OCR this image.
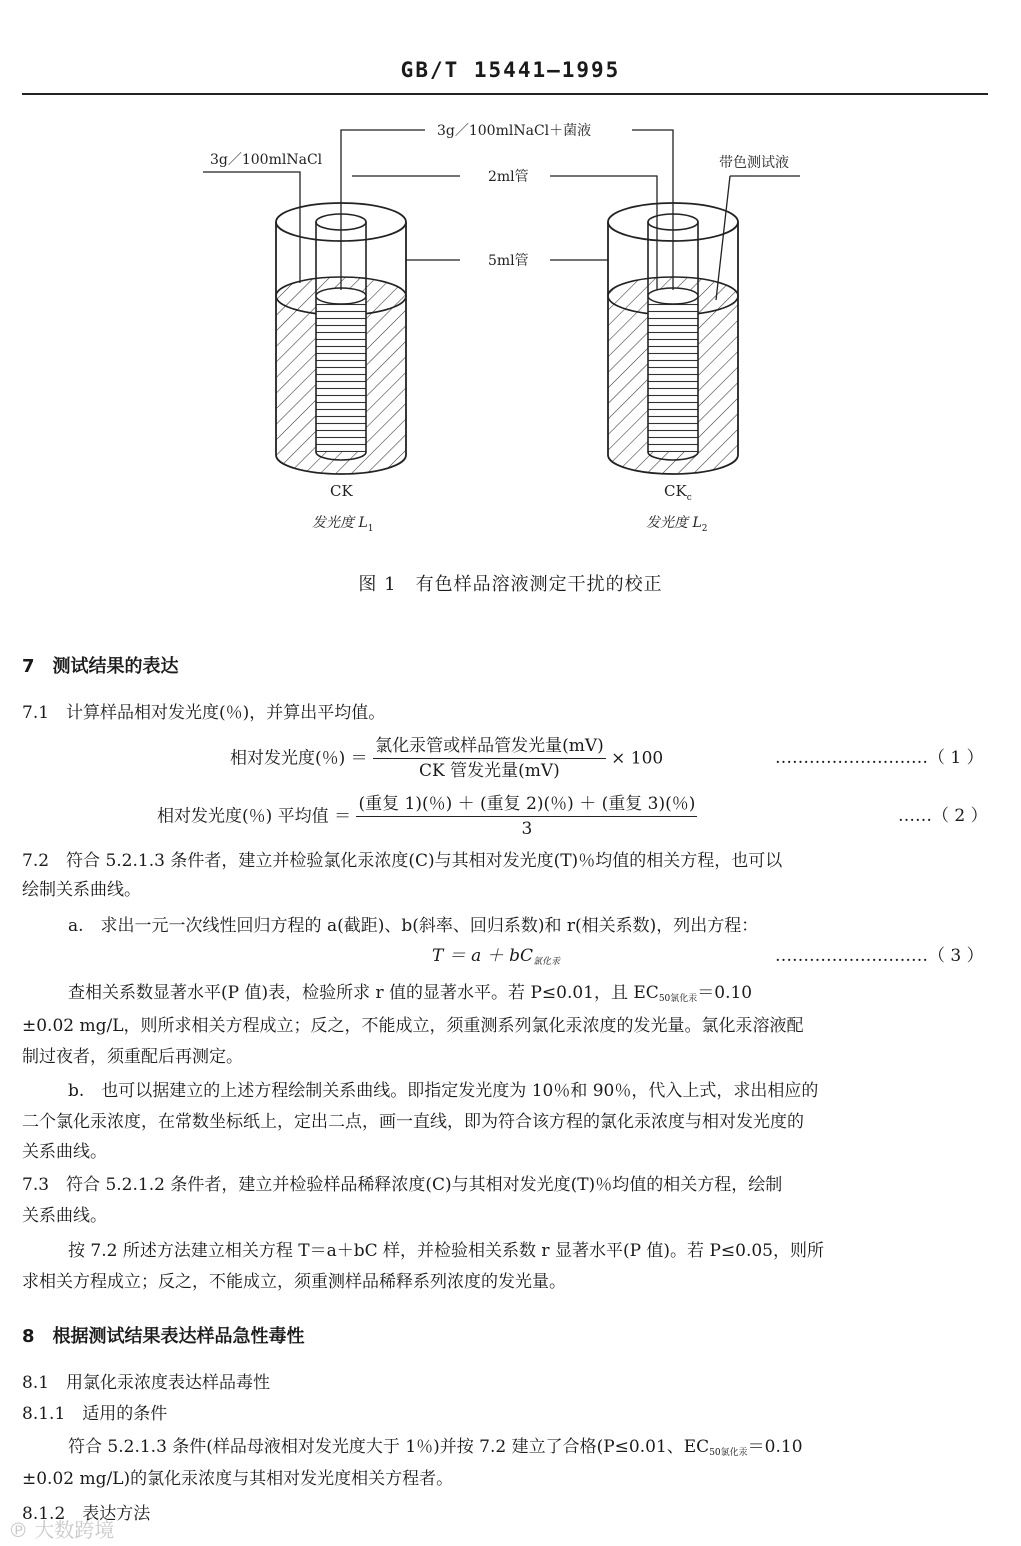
GB/T 15441—1995
3g／100mlNaCl
3g／100mlNaCl＋菌液
2ml管
带色测试液
5ml管
CK	$CK_c$
发光度 $L_1$	发光度 $L_2$
图 1　有色样品溶液测定干扰的校正
7　测试结果的表达
7.1　计算样品相对发光度(％)，并算出平均值。
相对发光度(％) ＝ $\frac{\text{氯化汞管或样品管发光量(mV)}}{\text{CK 管发光量(mV)}} \times 100$	………………………（ 1 ）
相对发光度(％) 平均值 ＝ $\frac{\text{(重复 1)(％) ＋ (重复 2)(％) ＋ (重复 3)(％)}}{3}$	……（ 2 ）
7.2　符合 5.2.1.3 条件者，建立并检验氯化汞浓度(C)与其相对发光度(T)％均值的相关方程，也可以
绘制关系曲线。
a.　求出一元一次线性回归方程的 a(截距)、b(斜率、回归系数)和 r(相关系数)，列出方程：
$T = a + bC_{氯化汞}$	………………………（ 3 ）
查相关系数显著水平(P 值)表，检验所求 r 值的显著水平。若 P≤0.01，且 $EC_{50氯化汞}=0.10$
±0.02 mg/L，则所求相关方程成立；反之，不能成立，须重测系列氯化汞浓度的发光量。氯化汞溶液配
制过夜者，须重配后再测定。
b.　也可以据建立的上述方程绘制关系曲线。即指定发光度为 10％和 90％，代入上式，求出相应的
二个氯化汞浓度，在常数坐标纸上，定出二点，画一直线，即为符合该方程的氯化汞浓度与相对发光度的
关系曲线。
7.3　符合 5.2.1.2 条件者，建立并检验样品稀释浓度(C)与其相对发光度(T)％均值的相关方程，绘制
关系曲线。
按 7.2 所述方法建立相关方程 T＝a＋bC 样，并检验相关系数 r 显著水平(P 值)。若 P≤0.05，则所
求相关方程成立；反之，不能成立，须重测样品稀释系列浓度的发光量。
8　根据测试结果表达样品急性毒性
8.1　用氯化汞浓度表达样品毒性
8.1.1　适用的条件
符合 5.2.1.3 条件(样品母液相对发光度大于 1％)并按 7.2 建立了合格(P≤0.01、$EC_{50氯化汞}=0.10$
±0.02 mg/L)的氯化汞浓度与其相对发光度相关方程者。
8.1.2　表达方法
℗ 大数跨境
